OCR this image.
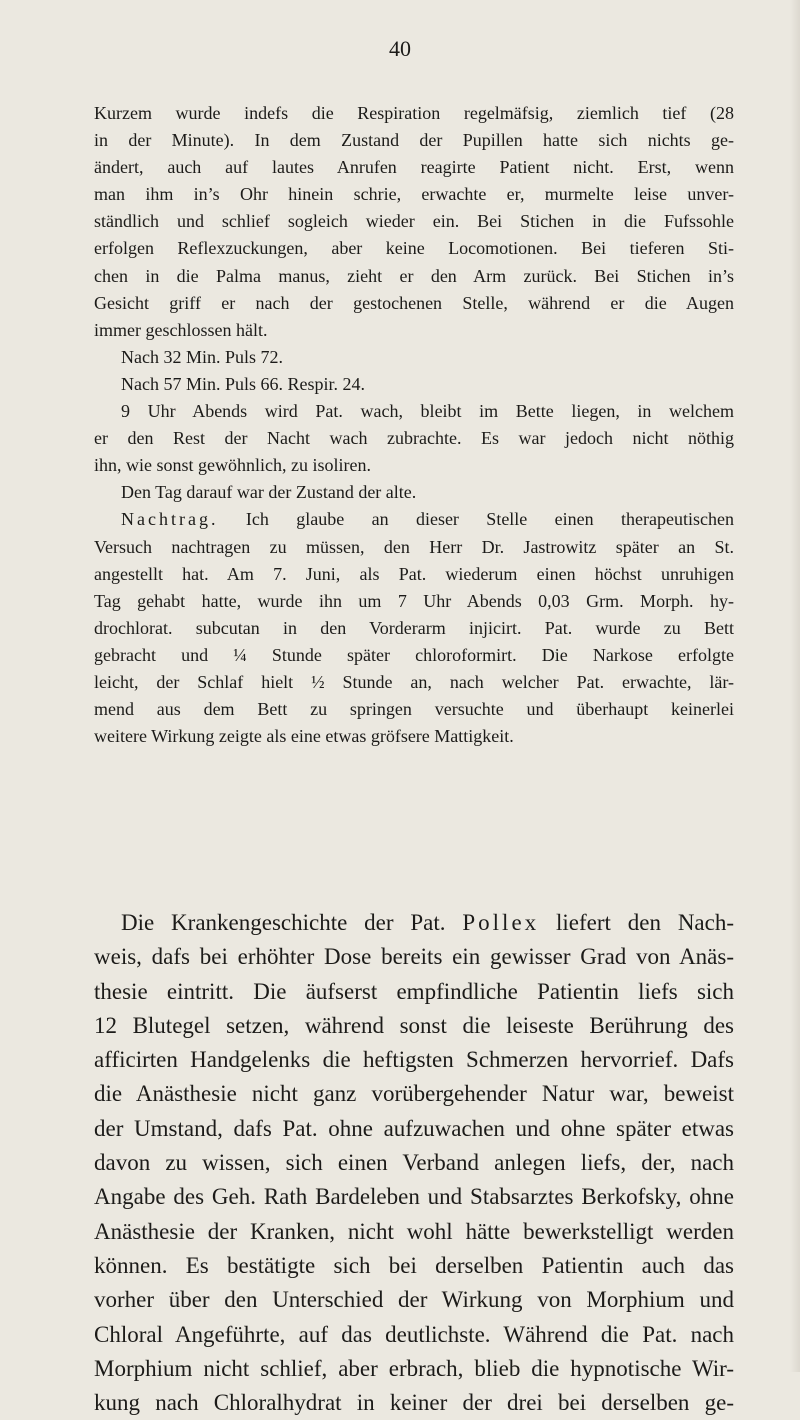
40
Kurzem wurde indefs die Respiration regelmäfsig, ziemlich tief (28
in der Minute). In dem Zustand der Pupillen hatte sich nichts ge-
ändert, auch auf lautes Anrufen reagirte Patient nicht. Erst, wenn
man ihm in’s Ohr hinein schrie, erwachte er, murmelte leise unver-
ständlich und schlief sogleich wieder ein. Bei Stichen in die Fufssohle
erfolgen Reflexzuckungen, aber keine Locomotionen. Bei tieferen Sti-
chen in die Palma manus, zieht er den Arm zurück. Bei Stichen in’s
Gesicht griff er nach der gestochenen Stelle, während er die Augen
immer geschlossen hält.
Nach 32 Min. Puls 72.
Nach 57 Min. Puls 66. Respir. 24.
9 Uhr Abends wird Pat. wach, bleibt im Bette liegen, in welchem
er den Rest der Nacht wach zubrachte. Es war jedoch nicht nöthig
ihn, wie sonst gewöhnlich, zu isoliren.
Den Tag darauf war der Zustand der alte.
Nachtrag. Ich glaube an dieser Stelle einen therapeutischen
Versuch nachtragen zu müssen, den Herr Dr. Jastrowitz später an St.
angestellt hat. Am 7. Juni, als Pat. wiederum einen höchst unruhigen
Tag gehabt hatte, wurde ihn um 7 Uhr Abends 0,03 Grm. Morph. hy-
drochlorat. subcutan in den Vorderarm injicirt. Pat. wurde zu Bett
gebracht und ¼ Stunde später chloroformirt. Die Narkose erfolgte
leicht, der Schlaf hielt ½ Stunde an, nach welcher Pat. erwachte, lär-
mend aus dem Bett zu springen versuchte und überhaupt keinerlei
weitere Wirkung zeigte als eine etwas gröfsere Mattigkeit.
Die Krankengeschichte der Pat. Pollex liefert den Nach-
weis, dafs bei erhöhter Dose bereits ein gewisser Grad von Anäs-
thesie eintritt. Die äufserst empfindliche Patientin liefs sich
12 Blutegel setzen, während sonst die leiseste Berührung des
afficirten Handgelenks die heftigsten Schmerzen hervorrief. Dafs
die Anästhesie nicht ganz vorübergehender Natur war, beweist
der Umstand, dafs Pat. ohne aufzuwachen und ohne später etwas
davon zu wissen, sich einen Verband anlegen liefs, der, nach
Angabe des Geh. Rath Bardeleben und Stabsarztes Berkofsky, ohne
Anästhesie der Kranken, nicht wohl hätte bewerkstelligt werden
können. Es bestätigte sich bei derselben Patientin auch das
vorher über den Unterschied der Wirkung von Morphium und
Chloral Angeführte, auf das deutlichste. Während die Pat. nach
Morphium nicht schlief, aber erbrach, blieb die hypnotische Wir-
kung nach Chloralhydrat in keiner der drei bei derselben ge-
